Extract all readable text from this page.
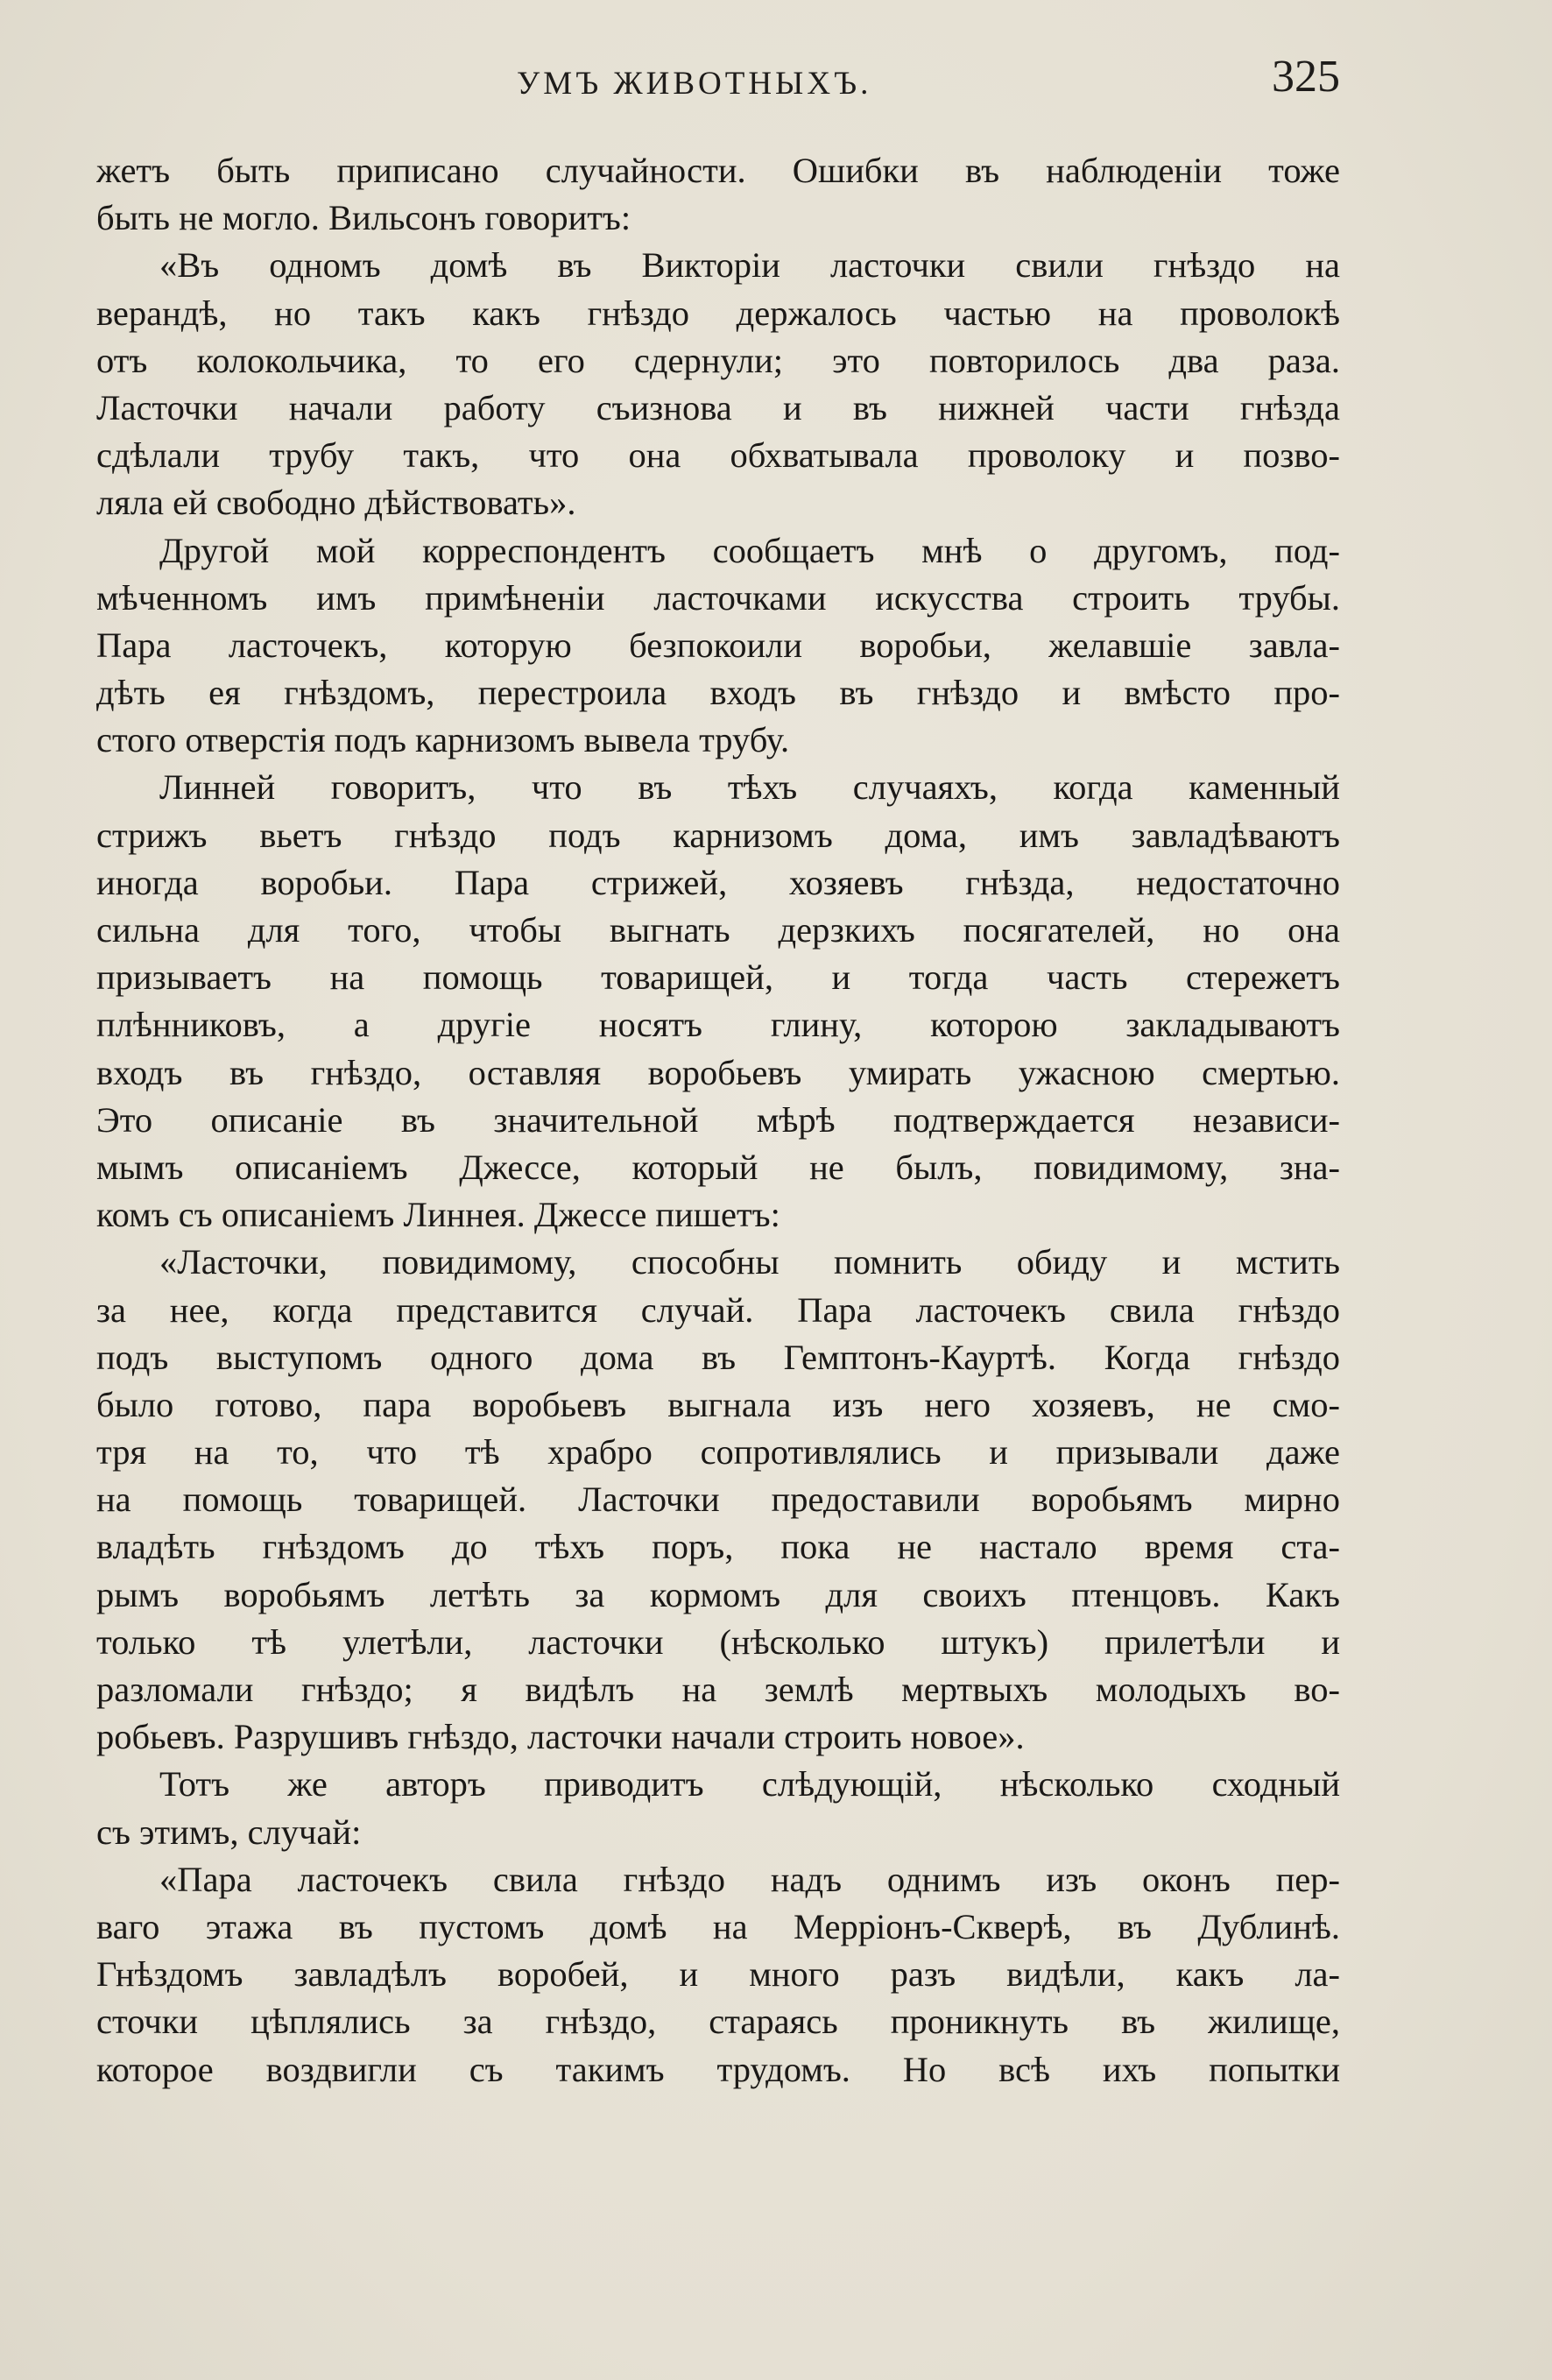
УМЪ ЖИВОТНЫХЪ.	325
жетъ быть приписано случайности. Ошибки въ наблюденіи тоже
быть не могло. Вильсонъ говоритъ:
«Въ одномъ домѣ въ Викторіи ласточки свили гнѣздо на
верандѣ, но такъ какъ гнѣздо держалось частью на проволокѣ
отъ колокольчика, то его сдернули; это повторилось два раза.
Ласточки начали работу съизнова и въ нижней части гнѣзда
сдѣлали трубу такъ, что она обхватывала проволоку и позво-
ляла ей свободно дѣйствовать».
Другой мой корреспондентъ сообщаетъ мнѣ о другомъ, под-
мѣченномъ имъ примѣненіи ласточками искусства строить трубы.
Пара ласточекъ, которую безпокоили воробьи, желавшіе завла-
дѣть ея гнѣздомъ, перестроила входъ въ гнѣздо и вмѣсто про-
стого отверстія подъ карнизомъ вывела трубу.
Линней говоритъ, что въ тѣхъ случаяхъ, когда каменный
стрижъ вьетъ гнѣздо подъ карнизомъ дома, имъ завладѣваютъ
иногда воробьи. Пара стрижей, хозяевъ гнѣзда, недостаточно
сильна для того, чтобы выгнать дерзкихъ посягателей, но она
призываетъ на помощь товарищей, и тогда часть стережетъ
плѣнниковъ, а другіе носятъ глину, которою закладываютъ
входъ въ гнѣздо, оставляя воробьевъ умирать ужасною смертью.
Это описаніе въ значительной мѣрѣ подтверждается независи-
мымъ описаніемъ Джессе, который не былъ, повидимому, зна-
комъ съ описаніемъ Линнея. Джессе пишетъ:
«Ласточки, повидимому, способны помнить обиду и мстить
за нее, когда представится случай. Пара ласточекъ свила гнѣздо
подъ выступомъ одного дома въ Гемптонъ-Кауртѣ. Когда гнѣздо
было готово, пара воробьевъ выгнала изъ него хозяевъ, не смо-
тря на то, что тѣ храбро сопротивлялись и призывали даже
на помощь товарищей. Ласточки предоставили воробьямъ мирно
владѣть гнѣздомъ до тѣхъ поръ, пока не настало время ста-
рымъ воробьямъ летѣть за кормомъ для своихъ птенцовъ. Какъ
только тѣ улетѣли, ласточки (нѣсколько штукъ) прилетѣли и
разломали гнѣздо; я видѣлъ на землѣ мертвыхъ молодыхъ во-
робьевъ. Разрушивъ гнѣздо, ласточки начали строить новое».
Тотъ же авторъ приводитъ слѣдующій, нѣсколько сходный
съ этимъ, случай:
«Пара ласточекъ свила гнѣздо надъ однимъ изъ оконъ пер-
ваго этажа въ пустомъ домѣ на Мерріонъ-Скверѣ, въ Дублинѣ.
Гнѣздомъ завладѣлъ воробей, и много разъ видѣли, какъ ла-
сточки цѣплялись за гнѣздо, стараясь проникнуть въ жилище,
которое воздвигли съ такимъ трудомъ. Но всѣ ихъ попытки
